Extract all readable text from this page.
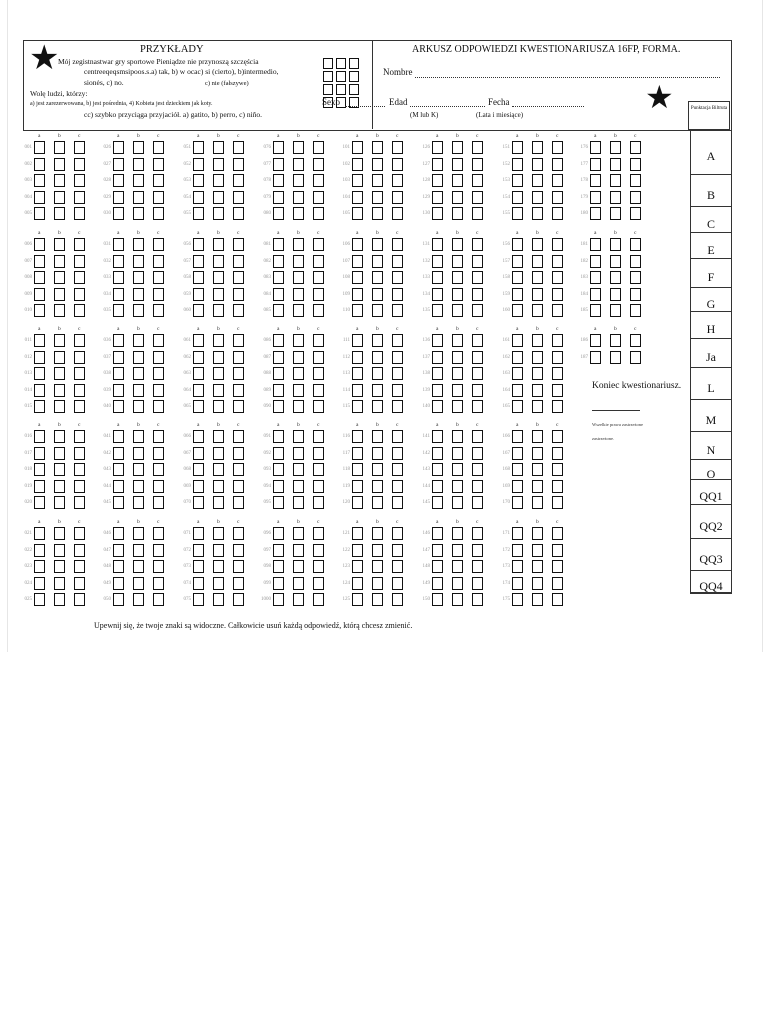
★	PRZYKŁADY
Mój zegistnastwar gry sportowe Pieniądze nie przynoszą szczęścia
centreeqeqsmsipoos.s.a) tak, b) w ocac) si (cierto), b)intermedio,
sionės, c) no.	c) nie (fałszywe)
Wolę ludzi, którzy:
a) jest zarezerwowana, b) jest pośrednia, 4) Kobieta jest dzieckiem jak koty.
cc) szybko przyciąga przyjaciół. a) gatito, b) perro, c) niño.
ARKUSZ ODPOWIEDZI KWESTIONARIUSZA 16FP, FORMA.
Nombre
★
Sexo	Edad	Fecha
(M lub K)	(Lata i miesiące)
Punktacja Biltruta
a	b	c
001
002
003
004
005
a	b	c
026
027
028
029
030
a	b	c
051
052
053
054
055
a	b	c
076
077
078
079
080
a	b	c
101
102
103
104
105
a	b	c
126
127
128
129
130
a	b	c
151
152
153
154
155
a	b	c
176
177
178
179
180
a	b	c
006
007
008
009
010
a	b	c
031
032
033
034
035
a	b	c
056
057
058
059
060
a	b	c
081
082
083
084
085
a	b	c
106
107
108
109
110
a	b	c
131
132
133
134
135
a	b	c
156
157
158
159
160
a	b	c
181
182
183
184
185
a	b	c
011
012
013
014
015
a	b	c
036
037
038
039
040
a	b	c
061
062
063
064
065
a	b	c
086
087
088
089
090
a	b	c
111
112
113
114
115
a	b	c
136
137
138
139
140
a	b	c
161
162
163
164
165
a	b	c
186
187
a	b	c
016
017
018
019
020
a	b	c
041
042
043
044
045
a	b	c
066
067
068
069
070
a	b	c
091
092
093
094
095
a	b	c
116
117
118
119
120
a	b	c
141
142
143
144
145
a	b	c
166
167
168
169
170
a	b	c
021
022
023
024
025
a	b	c
046
047
048
049
050
a	b	c
071
072
073
074
075
a	b	c
096
097
098
099
1000
a	b	c
121
122
123
124
125
a	b	c
146
147
148
149
150
a	b	c
171
172
173
174
175
A
B
C
E
F
G
H
Ja
L
M
N
O
QQ1
QQ2
QQ3
QQ4
Koniec kwestionariusz.
Wszelkie prawa zastrzeżone
zastrzeżone.
Upewnij się, że twoje znaki są widoczne. Całkowicie usuń każdą odpowiedź, którą chcesz zmienić.
